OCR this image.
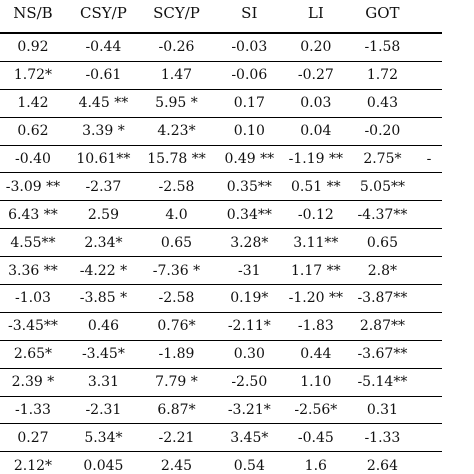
	NS/B	CSY/P	SCY/P	SI	LI	GOT	
	0.92	-0.44	-0.26	-0.03	0.20	-1.58	
	1.72*	-0.61	1.47	-0.06	-0.27	1.72	
	1.42	4.45 **	5.95 *	0.17	0.03	0.43	
	0.62	3.39 *	4.23*	0.10	0.04	-0.20	
	-0.40	10.61**	15.78 **	0.49 **	-1.19 **	2.75*	-
	-3.09 **	-2.37	-2.58	0.35**	0.51 **	5.05**	
	6.43 **	2.59	4.0	0.34**	-0.12	-4.37**	
	4.55**	2.34*	0.65	3.28*	3.11**	0.65	
	3.36 **	-4.22 *	-7.36 *	-31	1.17 **	2.8*	
	-1.03	-3.85 *	-2.58	0.19*	-1.20 **	-3.87**	
	-3.45**	0.46	0.76*	-2.11*	-1.83	2.87**	
	2.65*	-3.45*	-1.89	0.30	0.44	-3.67**	
	2.39 *	3.31	7.79 *	-2.50	1.10	-5.14**	
	-1.33	-2.31	6.87*	-3.21*	-2.56*	0.31	
	0.27	5.34*	-2.21	3.45*	-0.45	-1.33	
	2.12*	0.045	2.45	0.54	1.6	2.64	
